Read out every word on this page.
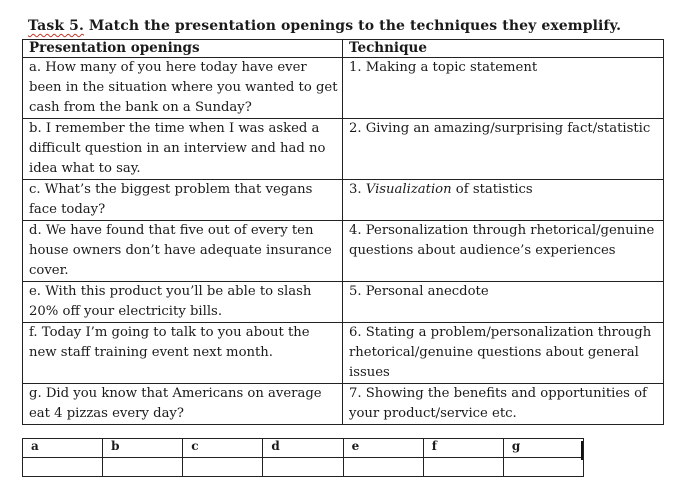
Task 5. Match the presentation openings to the techniques they exemplify.
Presentation openings	Technique
a. How many of you here today have ever been in the situation where you wanted to get cash from the bank on a Sunday?	1. Making a topic statement
b. I remember the time when I was asked a difficult question in an interview and had no idea what to say.	2. Giving an amazing/surprising fact/statistic
c. What’s the biggest problem that vegans face today?	3. Visualization of statistics
d. We have found that five out of every ten house owners don’t have adequate insurance cover.	4. Personalization through rhetorical/genuine questions about audience’s experiences
e. With this product you’ll be able to slash 20% off your electricity bills.	5. Personal anecdote
f. Today I’m going to talk to you about the new staff training event next month.	6. Stating a problem/personalization through rhetorical/genuine questions about general issues
g. Did you know that Americans on average eat 4 pizzas every day?	7. Showing the benefits and opportunities of your product/service etc.
a	b	c	d	e	f	g
